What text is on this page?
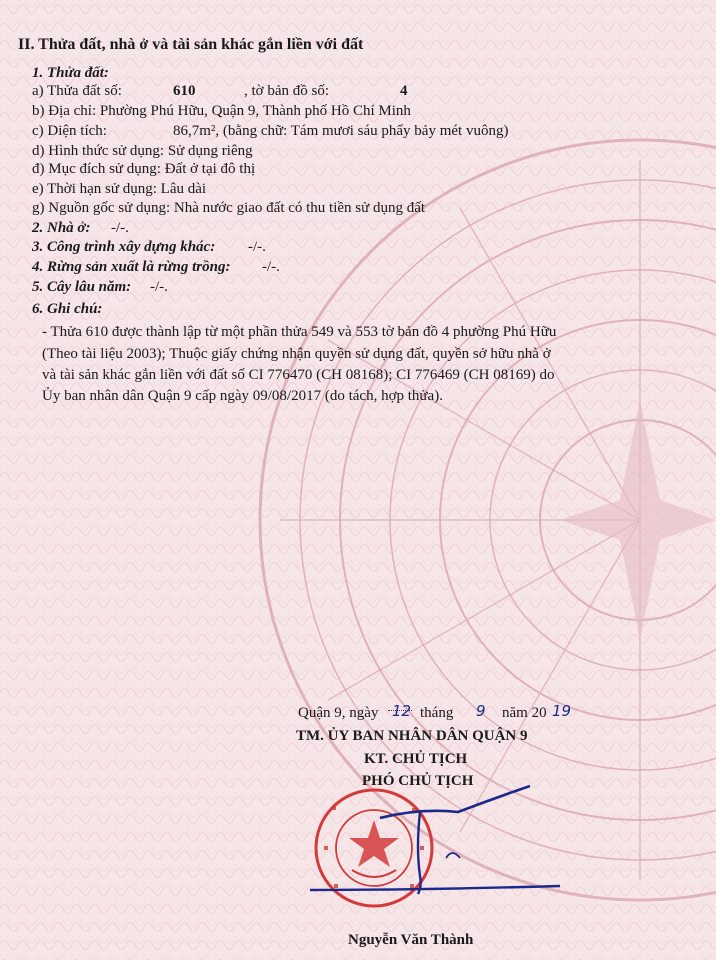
II. Thửa đất, nhà ở và tài sản khác gắn liền với đất
1. Thửa đất:
a) Thửa đất số:	610	, tờ bản đồ số:	4
b) Địa chỉ: Phường Phú Hữu, Quận 9, Thành phố Hồ Chí Minh
c) Diện tích:	86,7m², (bằng chữ: Tám mươi sáu phẩy bảy mét vuông)
d) Hình thức sử dụng: Sử dụng riêng
đ) Mục đích sử dụng: Đất ở tại đô thị
e) Thời hạn sử dụng: Lâu dài
g) Nguồn gốc sử dụng: Nhà nước giao đất có thu tiền sử dụng đất
2. Nhà ở: -/-.
3. Công trình xây dựng khác: -/-.
4. Rừng sản xuất là rừng trồng: -/-.
5. Cây lâu năm: -/-.
6. Ghi chú:
- Thửa 610 được thành lập từ một phần thửa 549 và 553 tờ bản đồ 4 phường Phú Hữu
(Theo tài liệu 2003); Thuộc giấy chứng nhận quyền sử dụng đất, quyền sở hữu nhà ở
và tài sản khác gắn liền với đất số CI 776470 (CH 08168); CI 776469 (CH 08169) do
Ủy ban nhân dân Quận 9 cấp ngày 09/08/2017 (do tách, hợp thửa).
Quận 9, ngày 12 tháng 9 năm 20 19
TM. ỦY BAN NHÂN DÂN QUẬN 9
KT. CHỦ TỊCH
PHÓ CHỦ TỊCH
Nguyễn Văn Thành
